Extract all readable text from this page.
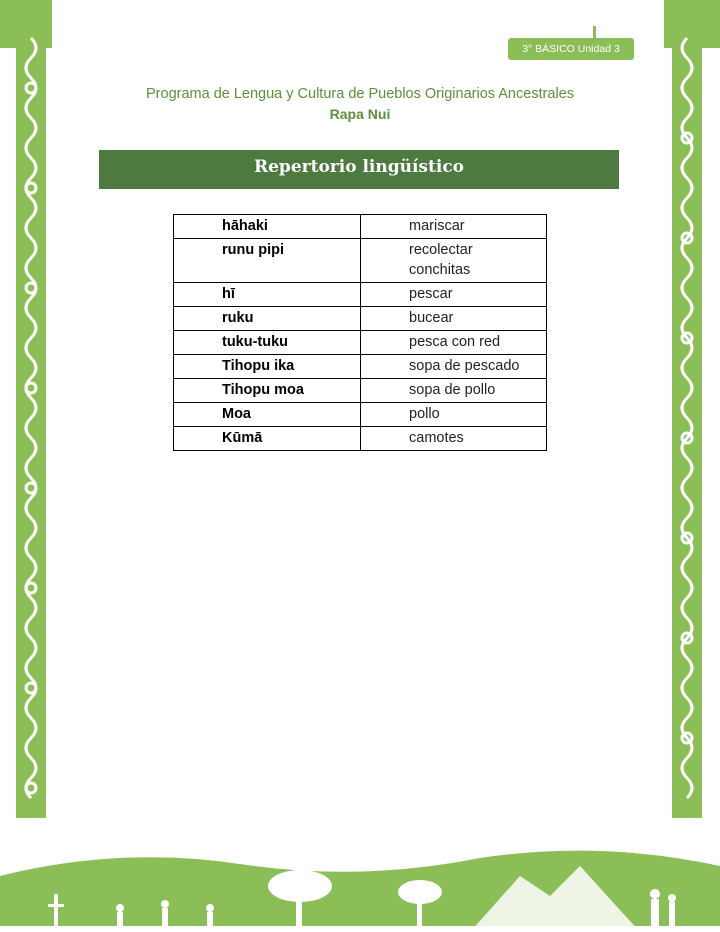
3° BÁSICO Unidad 3
Programa de Lengua y Cultura de Pueblos Originarios Ancestrales
Rapa Nui
Repertorio lingüístico
hāhaki	mariscar
runu pipi	recolectar conchitas
hī	pescar
ruku	bucear
tuku-tuku	pesca con red
Tihopu ika	sopa de pescado
Tihopu moa	sopa de pollo
Moa	pollo
Kūmā	camotes
